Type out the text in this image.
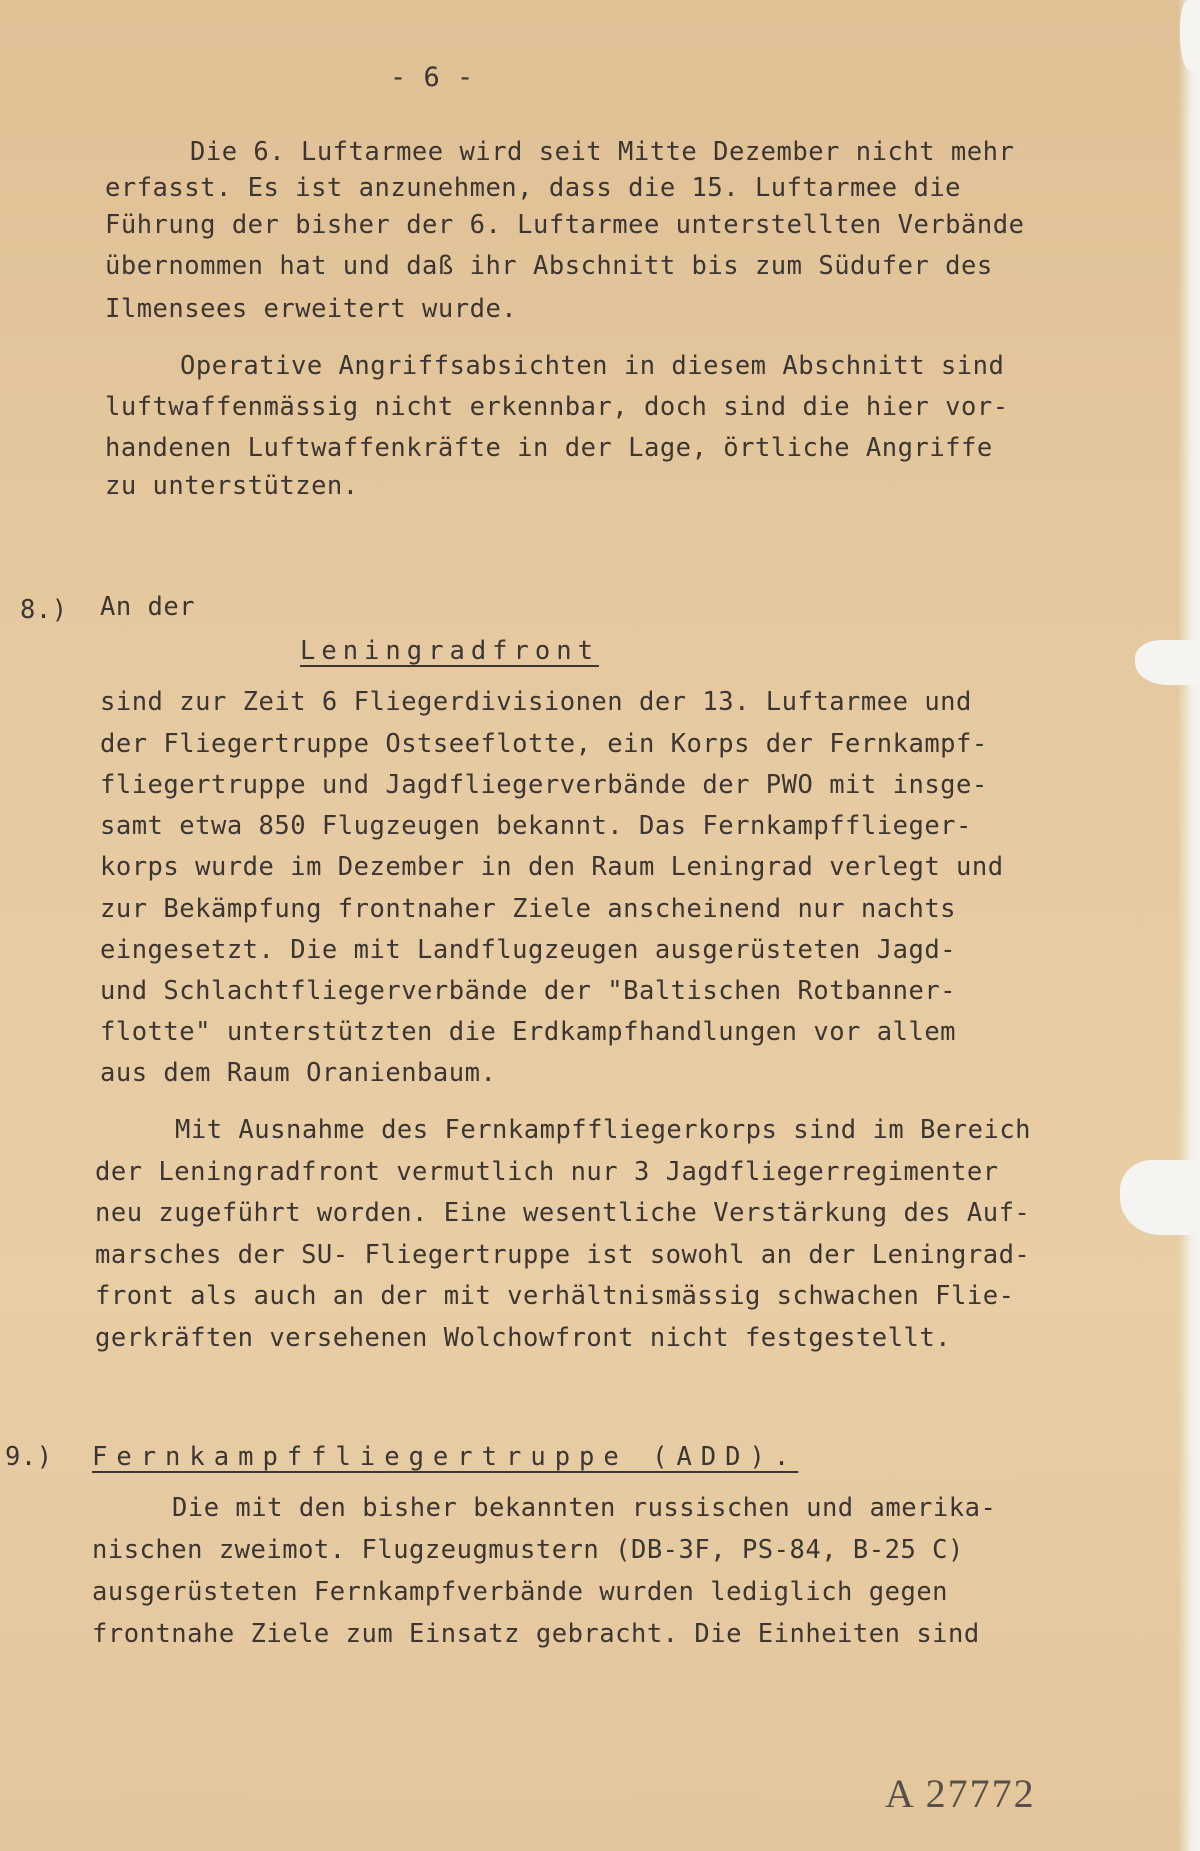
- 6 -
Die 6. Luftarmee wird seit Mitte Dezember nicht mehr
erfasst. Es ist anzunehmen, dass die 15. Luftarmee die
Führung der bisher der 6. Luftarmee unterstellten Verbände
übernommen hat und daß ihr Abschnitt bis zum Südufer des
Ilmensees erweitert wurde.
Operative Angriffsabsichten in diesem Abschnitt sind
luftwaffenmässig nicht erkennbar, doch sind die hier vor-
handenen Luftwaffenkräfte in der Lage, örtliche Angriffe
zu unterstützen.
8.) An der
Leningradfront
sind zur Zeit 6 Fliegerdivisionen der 13. Luftarmee und
der Fliegertruppe Ostseeflotte, ein Korps der Fernkampf-
fliegertruppe und Jagdfliegerverbände der PWO mit insge-
samt etwa 850 Flugzeugen bekannt. Das Fernkampfflieger-
korps wurde im Dezember in den Raum Leningrad verlegt und
zur Bekämpfung frontnaher Ziele anscheinend nur nachts
eingesetzt. Die mit Landflugzeugen ausgerüsteten Jagd-
und Schlachtfliegerverbände der "Baltischen Rotbanner-
flotte" unterstützten die Erdkampfhandlungen vor allem
aus dem Raum Oranienbaum.
Mit Ausnahme des Fernkampffliegerkorps sind im Bereich
der Leningradfront vermutlich nur 3 Jagdfliegerregimenter
neu zugeführt worden. Eine wesentliche Verstärkung des Auf-
marsches der SU- Fliegertruppe ist sowohl an der Leningrad-
front als auch an der mit verhältnismässig schwachen Flie-
gerkräften versehenen Wolchowfront nicht festgestellt.
9.) Fernkampffliegertruppe (ADD).
Die mit den bisher bekannten russischen und amerika-
nischen zweimot. Flugzeugmustern (DB-3F, PS-84, B-25 C)
ausgerüsteten Fernkampfverbände wurden lediglich gegen
frontnahe Ziele zum Einsatz gebracht. Die Einheiten sind
A 27772
